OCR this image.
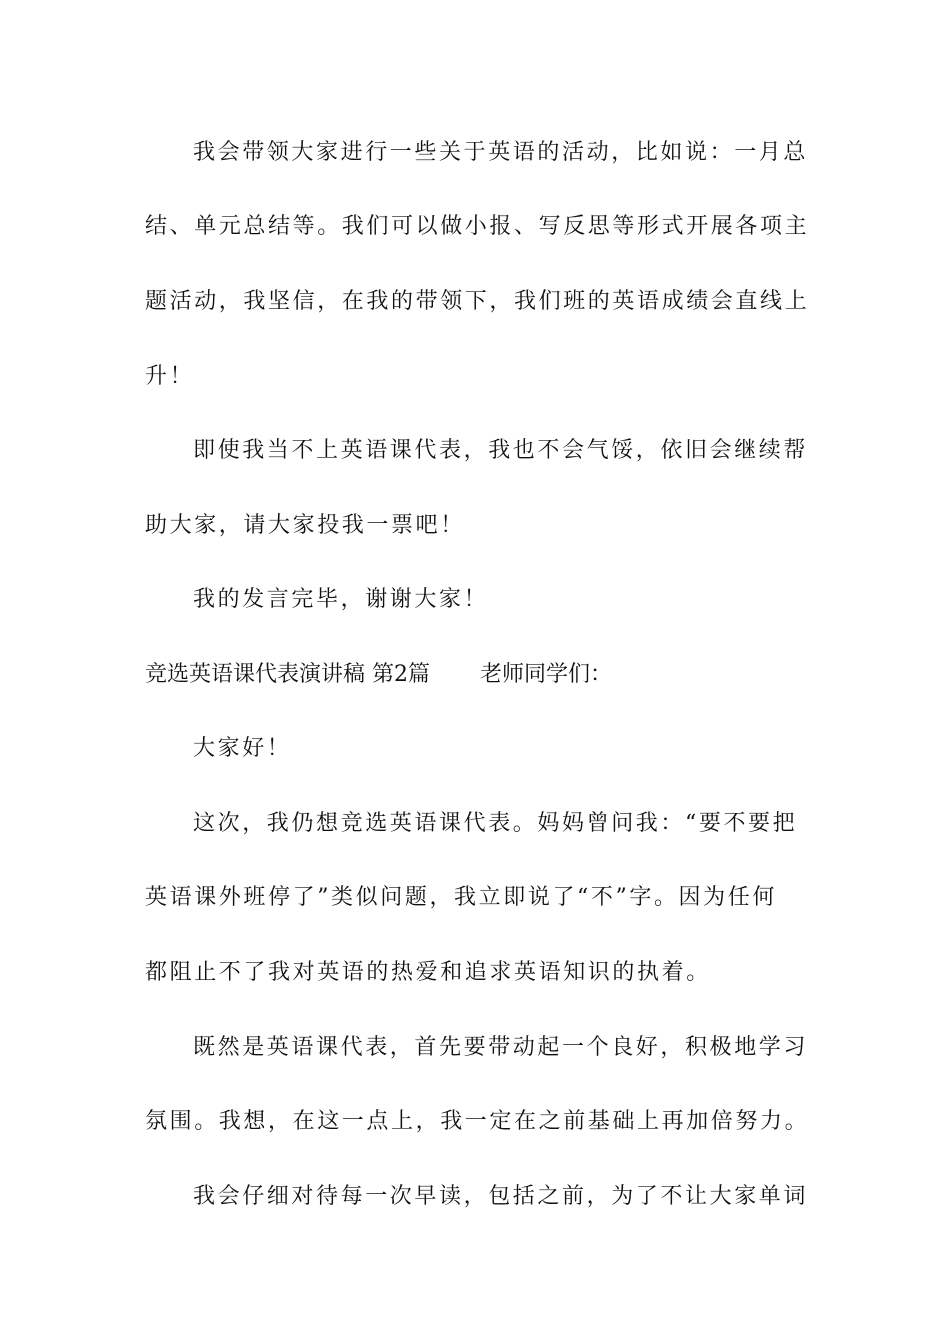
我会带领大家进行一些关于英语的活动，比如说：一月总
结、单元总结等。我们可以做小报、写反思等形式开展各项主
题活动，我坚信，在我的带领下，我们班的英语成绩会直线上
升！
即使我当不上英语课代表，我也不会气馁，依旧会继续帮
助大家，请大家投我一票吧！
我的发言完毕，谢谢大家！
竞选英语课代表演讲稿 第2篇 老师同学们：
大家好！
这次，我仍想竞选英语课代表。妈妈曾问我：“要不要把
英语课外班停了”类似问题，我立即说了“不”字。因为任何
都阻止不了我对英语的热爱和追求英语知识的执着。
既然是英语课代表，首先要带动起一个良好，积极地学习
氛围。我想，在这一点上，我一定在之前基础上再加倍努力。
我会仔细对待每一次早读，包括之前，为了不让大家单词
